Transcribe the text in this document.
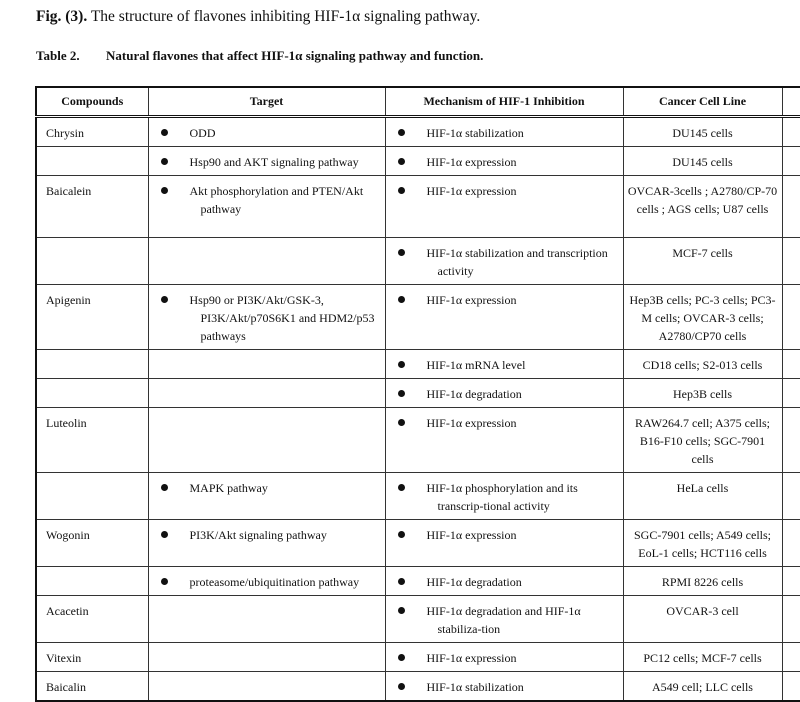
Fig. (3). The structure of flavones inhibiting HIF-1α signaling pathway.
Table 2. Natural flavones that affect HIF-1α signaling pathway and function.
Compounds	Target	Mechanism of HIF-1 Inhibition	Cancer Cell Line	
Chrysin	ODD	HIF-1α stabilization	DU145 cells	

	Hsp90 and AKT signaling pathway	HIF-1α expression	DU145 cells	
Baicalein	Akt phosphorylation and PTEN/Akt pathway	HIF-1α expression	OVCAR-3cells ; A2780/CP-70 cells ; AGS cells; U87 cells	

		HIF-1α stabilization and transcription activity	MCF-7 cells	
Apigenin	Hsp90 or PI3K/Akt/GSK-3, PI3K/Akt/p70S6K1 and HDM2/p53 pathways	HIF-1α expression	Hep3B cells; PC-3 cells; PC3-M cells; OVCAR-3 cells; A2780/CP70 cells	

		HIF-1α mRNA level	CD18 cells; S2-013 cells	

		HIF-1α degradation	Hep3B cells	
Luteolin		HIF-1α expression	RAW264.7 cell; A375 cells; B16-F10 cells; SGC-7901 cells	

	MAPK pathway	HIF-1α phosphorylation and its transcrip-tional activity	HeLa cells	
Wogonin	PI3K/Akt signaling pathway	HIF-1α expression	SGC-7901 cells; A549 cells; EoL-1 cells; HCT116 cells	

	proteasome/ubiquitination pathway	HIF-1α degradation	RPMI 8226 cells	
Acacetin		HIF-1α degradation and HIF-1α stabiliza-tion	OVCAR-3 cell	
Vitexin		HIF-1α expression	PC12 cells; MCF-7 cells	
Baicalin		HIF-1α stabilization	A549 cell; LLC cells	
